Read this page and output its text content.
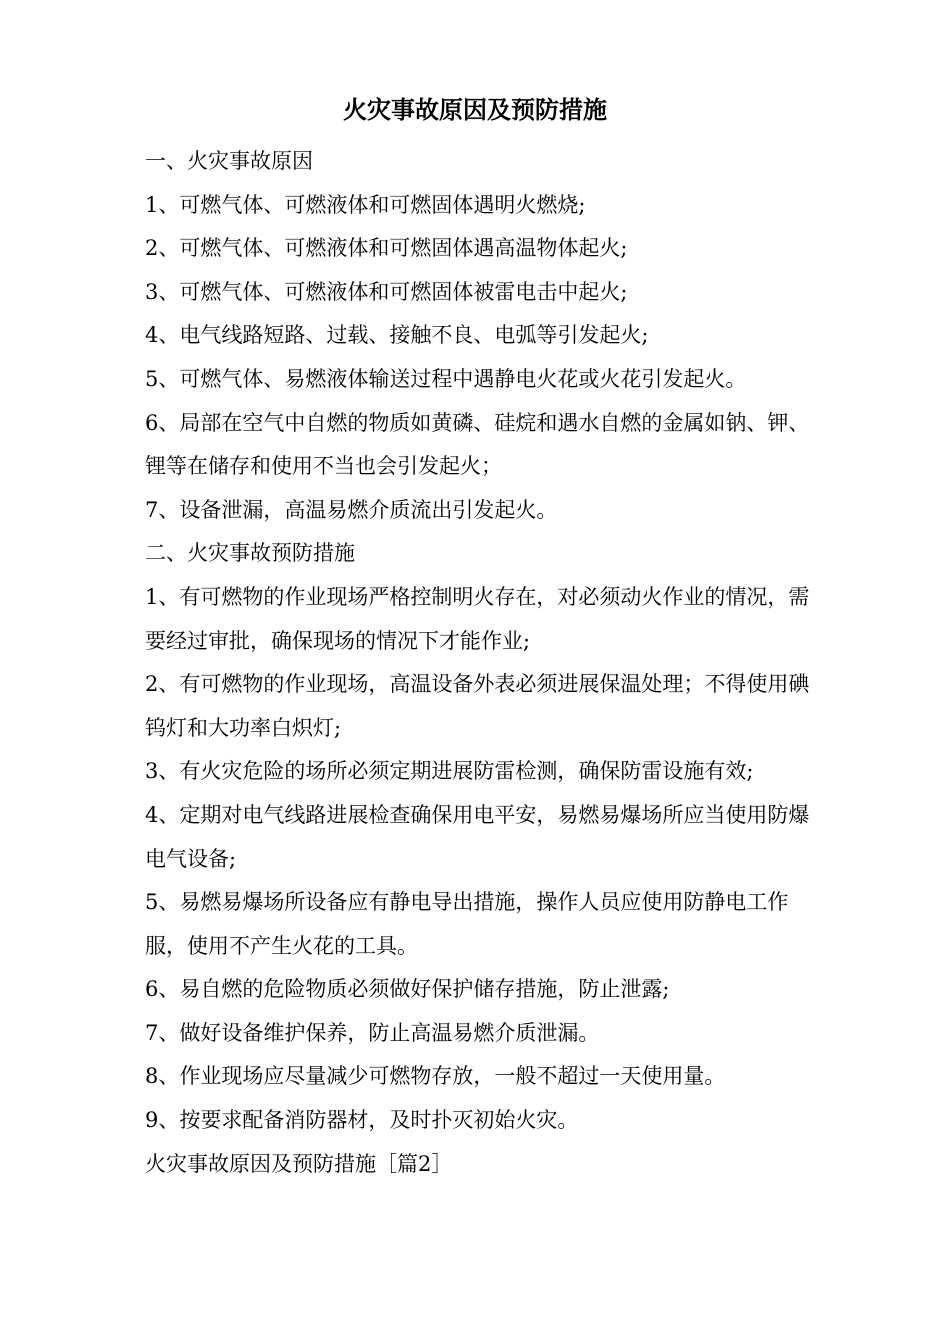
火灾事故原因及预防措施

一、火灾事故原因

1、可燃气体、可燃液体和可燃固体遇明火燃烧;

2、可燃气体、可燃液体和可燃固体遇高温物体起火;

3、可燃气体、可燃液体和可燃固体被雷电击中起火;

4、电气线路短路、过载、接触不良、电弧等引发起火;

5、可燃气体、易燃液体输送过程中遇静电火花或火花引发起火。

6、局部在空气中自燃的物质如黄磷、硅烷和遇水自燃的金属如钠、钾、锂等在储存和使用不当也会引发起火；

7、设备泄漏，高温易燃介质流出引发起火。

二、火灾事故预防措施

1、有可燃物的作业现场严格控制明火存在，对必须动火作业的情况，需要经过审批，确保现场的情况下才能作业;

2、有可燃物的作业现场，高温设备外表必须进展保温处理；不得使用碘钨灯和大功率白炽灯;

3、有火灾危险的场所必须定期进展防雷检测，确保防雷设施有效;

4、定期对电气线路进展检查确保用电平安，易燃易爆场所应当使用防爆电气设备;

5、易燃易爆场所设备应有静电导出措施，操作人员应使用防静电工作服，使用不产生火花的工具。

6、易自燃的危险物质必须做好保护储存措施，防止泄露;

7、做好设备维护保养，防止高温易燃介质泄漏。

8、作业现场应尽量减少可燃物存放，一般不超过一天使用量。

9、按要求配备消防器材，及时扑灭初始火灾。

火灾事故原因及预防措施［篇2］
